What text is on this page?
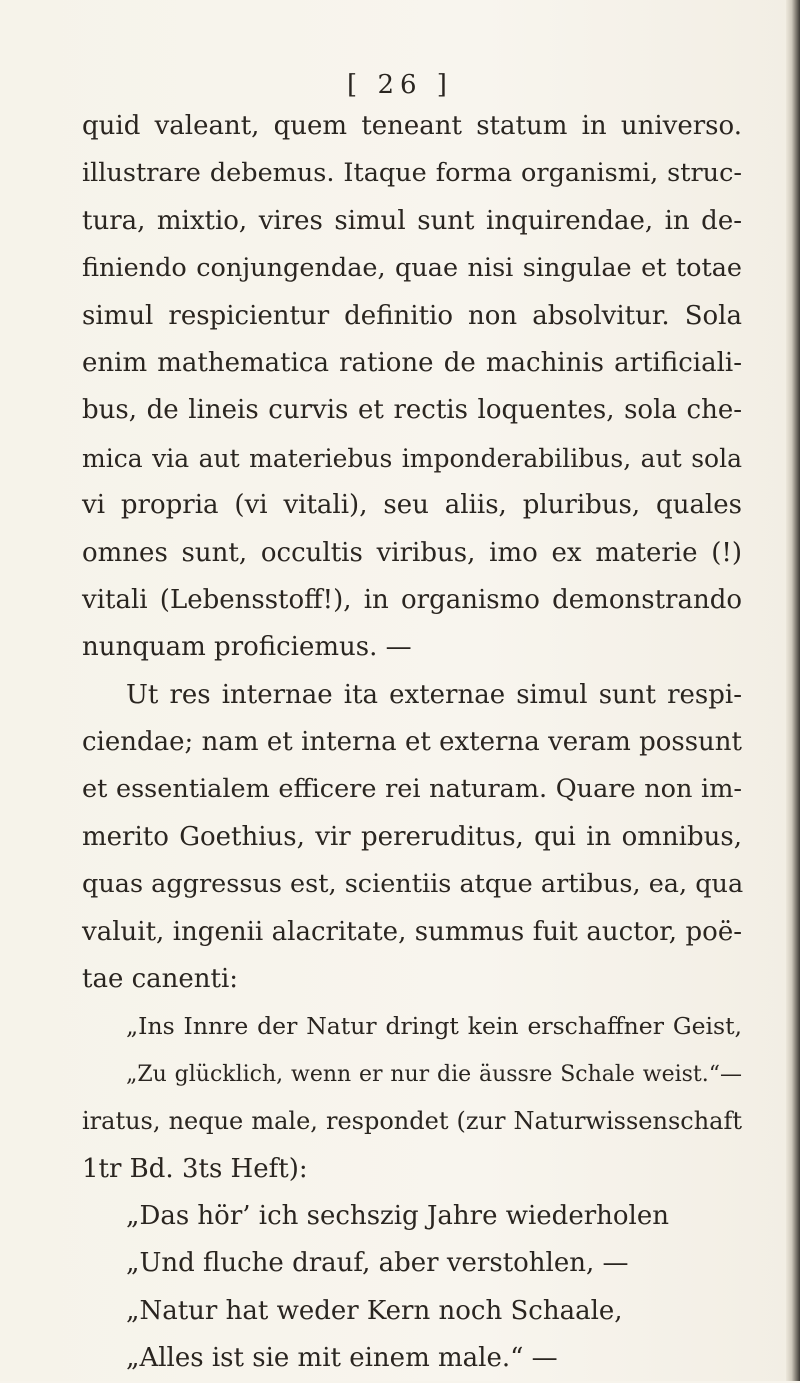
[ 26 ]
quid valeant, quem teneant statum in universo.
illustrare debemus. Itaque forma organismi, struc-
tura, mixtio, vires simul sunt inquirendae, in de-
finiendo conjungendae, quae nisi singulae et totae
simul respicientur definitio non absolvitur. Sola
enim mathematica ratione de machinis artificiali-
bus, de lineis curvis et rectis loquentes, sola che-
mica via aut materiebus imponderabilibus, aut sola
vi propria (vi vitali), seu aliis, pluribus, quales
omnes sunt, occultis viribus, imo ex materie (!)
vitali (Lebensstoff!), in organismo demonstrando
nunquam proficiemus. —
Ut res internae ita externae simul sunt respi-
ciendae; nam et interna et externa veram possunt
et essentialem efficere rei naturam. Quare non im-
merito Goethius, vir pereruditus, qui in omnibus,
quas aggressus est, scientiis atque artibus, ea, qua
valuit, ingenii alacritate, summus fuit auctor, poë-
tae canenti:
„Ins Innre der Natur dringt kein erschaffner Geist,
„Zu glücklich, wenn er nur die äussre Schale weist.“—
iratus, neque male, respondet (zur Naturwissenschaft
1tr Bd. 3ts Heft):
„Das hör’ ich sechszig Jahre wiederholen
„Und fluche drauf, aber verstohlen, —
„Natur hat weder Kern noch Schaale,
„Alles ist sie mit einem male.“ —
